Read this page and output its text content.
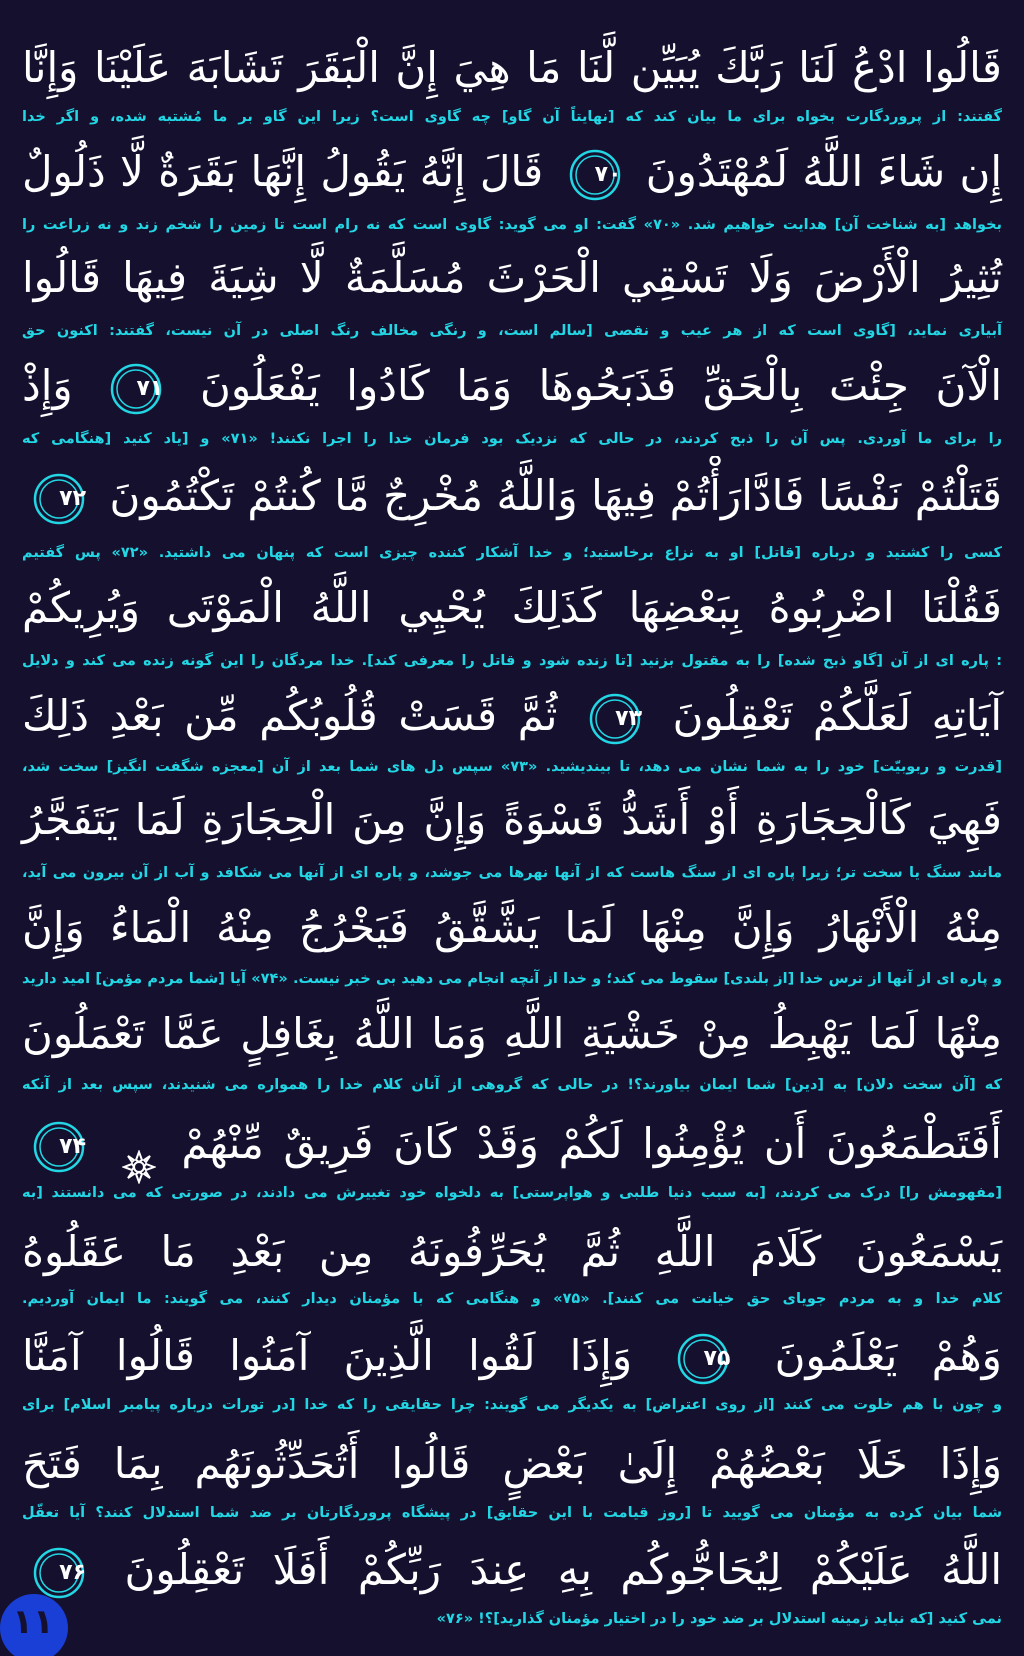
قَالُوا ادْعُ لَنَا رَبَّكَ يُبَيِّن لَّنَا مَا هِيَ إِنَّ الْبَقَرَ تَشَابَهَ عَلَيْنَا وَإِنَّا
گفتند: از پروردگارت بخواه برای ما بیان کند که [نهایتاً آن گاو] چه گاوی است؟ زیرا این گاو بر ما مُشتبه شده، و اگر خدا
إِن شَاءَ اللَّهُ لَمُهْتَدُونَ
۷۰
قَالَ إِنَّهُ يَقُولُ إِنَّهَا بَقَرَةٌ لَّا ذَلُولٌ
بخواهد [به شناخت آن] هدایت خواهیم شد. «۷۰» گفت: او می گوید: گاوی است که نه رام است تا زمین را شخم زند و نه زراعت را
تُثِيرُ الْأَرْضَ وَلَا تَسْقِي الْحَرْثَ مُسَلَّمَةٌ لَّا شِيَةَ فِيهَا قَالُوا
آبیاری نماید، [گاوی است که از هر عیب و نقصی [سالم است، و رنگی مخالف رنگ اصلی در آن نیست، گفتند: اکنون حق
الْآنَ جِئْتَ بِالْحَقِّ فَذَبَحُوهَا وَمَا كَادُوا يَفْعَلُونَ
۷۱
وَإِذْ
را برای ما آوردی. پس آن را ذبح کردند، در حالی که نزدیک بود فرمان خدا را اجرا نکنند! «۷۱» و [یاد کنید [هنگامی که
قَتَلْتُمْ نَفْسًا فَادَّارَأْتُمْ فِيهَا وَاللَّهُ مُخْرِجٌ مَّا كُنتُمْ تَكْتُمُونَ
۷۲
کسی را کشتید و درباره [قاتل] او به نزاع برخاستید؛ و خدا آشکار کننده چیزی است که پنهان می داشتید. «۷۲» پس گفتیم
فَقُلْنَا اضْرِبُوهُ بِبَعْضِهَا كَذَلِكَ يُحْيِي اللَّهُ الْمَوْتَى وَيُرِيكُمْ
: پاره ای از آن [گاو ذبح شده] را به مقتول بزنید [تا زنده شود و قاتل را معرفی کند]. خدا مردگان را این گونه زنده می کند و دلایل
آيَاتِهِ لَعَلَّكُمْ تَعْقِلُونَ
۷۳
ثُمَّ قَسَتْ قُلُوبُكُم مِّن بَعْدِ ذَلِكَ
[قدرت و ربوبیّت] خود را به شما نشان می دهد، تا بیندیشید. «۷۳» سپس دل های شما بعد از آن [معجزه شگفت انگیز] سخت شد،
فَهِيَ كَالْحِجَارَةِ أَوْ أَشَدُّ قَسْوَةً وَإِنَّ مِنَ الْحِجَارَةِ لَمَا يَتَفَجَّرُ
مانند سنگ یا سخت تر؛ زیرا پاره ای از سنگ هاست که از آنها نهرها می جوشد، و پاره ای از آنها می شکافد و آب از آن بیرون می آید،
مِنْهُ الْأَنْهَارُ وَإِنَّ مِنْهَا لَمَا يَشَّقَّقُ فَيَخْرُجُ مِنْهُ الْمَاءُ وَإِنَّ
و پاره ای از آنها از ترس خدا [از بلندی] سقوط می کند؛ و خدا از آنچه انجام می دهید بی خبر نیست. «۷۴» آیا [شما مردم مؤمن] امید دارید
مِنْهَا لَمَا يَهْبِطُ مِنْ خَشْيَةِ اللَّهِ وَمَا اللَّهُ بِغَافِلٍ عَمَّا تَعْمَلُونَ
که [آن سخت دلان] به [دین] شما ایمان بیاورند؟! در حالی که گروهی از آنان کلام خدا را همواره می شنیدند، سپس بعد از آنکه
أَفَتَطْمَعُونَ أَن يُؤْمِنُوا لَكُمْ وَقَدْ كَانَ فَرِيقٌ مِّنْهُمْ
۷۴
[مفهومش را] درک می کردند، [به سبب دنیا طلبی و هواپرستی] به دلخواه خود تغییرش می دادند، در صورتی که می دانستند [به
يَسْمَعُونَ كَلَامَ اللَّهِ ثُمَّ يُحَرِّفُونَهُ مِن بَعْدِ مَا عَقَلُوهُ
کلام خدا و به مردم جویای حق خیانت می کنند]. «۷۵» و هنگامی که با مؤمنان دیدار کنند، می گویند: ما ایمان آوردیم.
وَهُمْ يَعْلَمُونَ
۷۵
وَإِذَا لَقُوا الَّذِينَ آمَنُوا قَالُوا آمَنَّا
و چون با هم خلوت می کنند [از روی اعتراض] به یکدیگر می گویند: چرا حقایقی را که خدا [در تورات درباره پیامبر اسلام] برای
وَإِذَا خَلَا بَعْضُهُمْ إِلَىٰ بَعْضٍ قَالُوا أَتُحَدِّثُونَهُم بِمَا فَتَحَ
شما بیان کرده به مؤمنان می گویید تا [روز قیامت با این حقایق] در پیشگاه پروردگارتان بر ضد شما استدلال کنند؟ آیا تعقّل
اللَّهُ عَلَيْكُمْ لِيُحَاجُّوكُم بِهِ عِندَ رَبِّكُمْ أَفَلَا تَعْقِلُونَ
۷۶
نمی کنید [که نباید زمینه استدلال بر ضد خود را در اختیار مؤمنان گذارید]؟! «۷۶»
۱۱
